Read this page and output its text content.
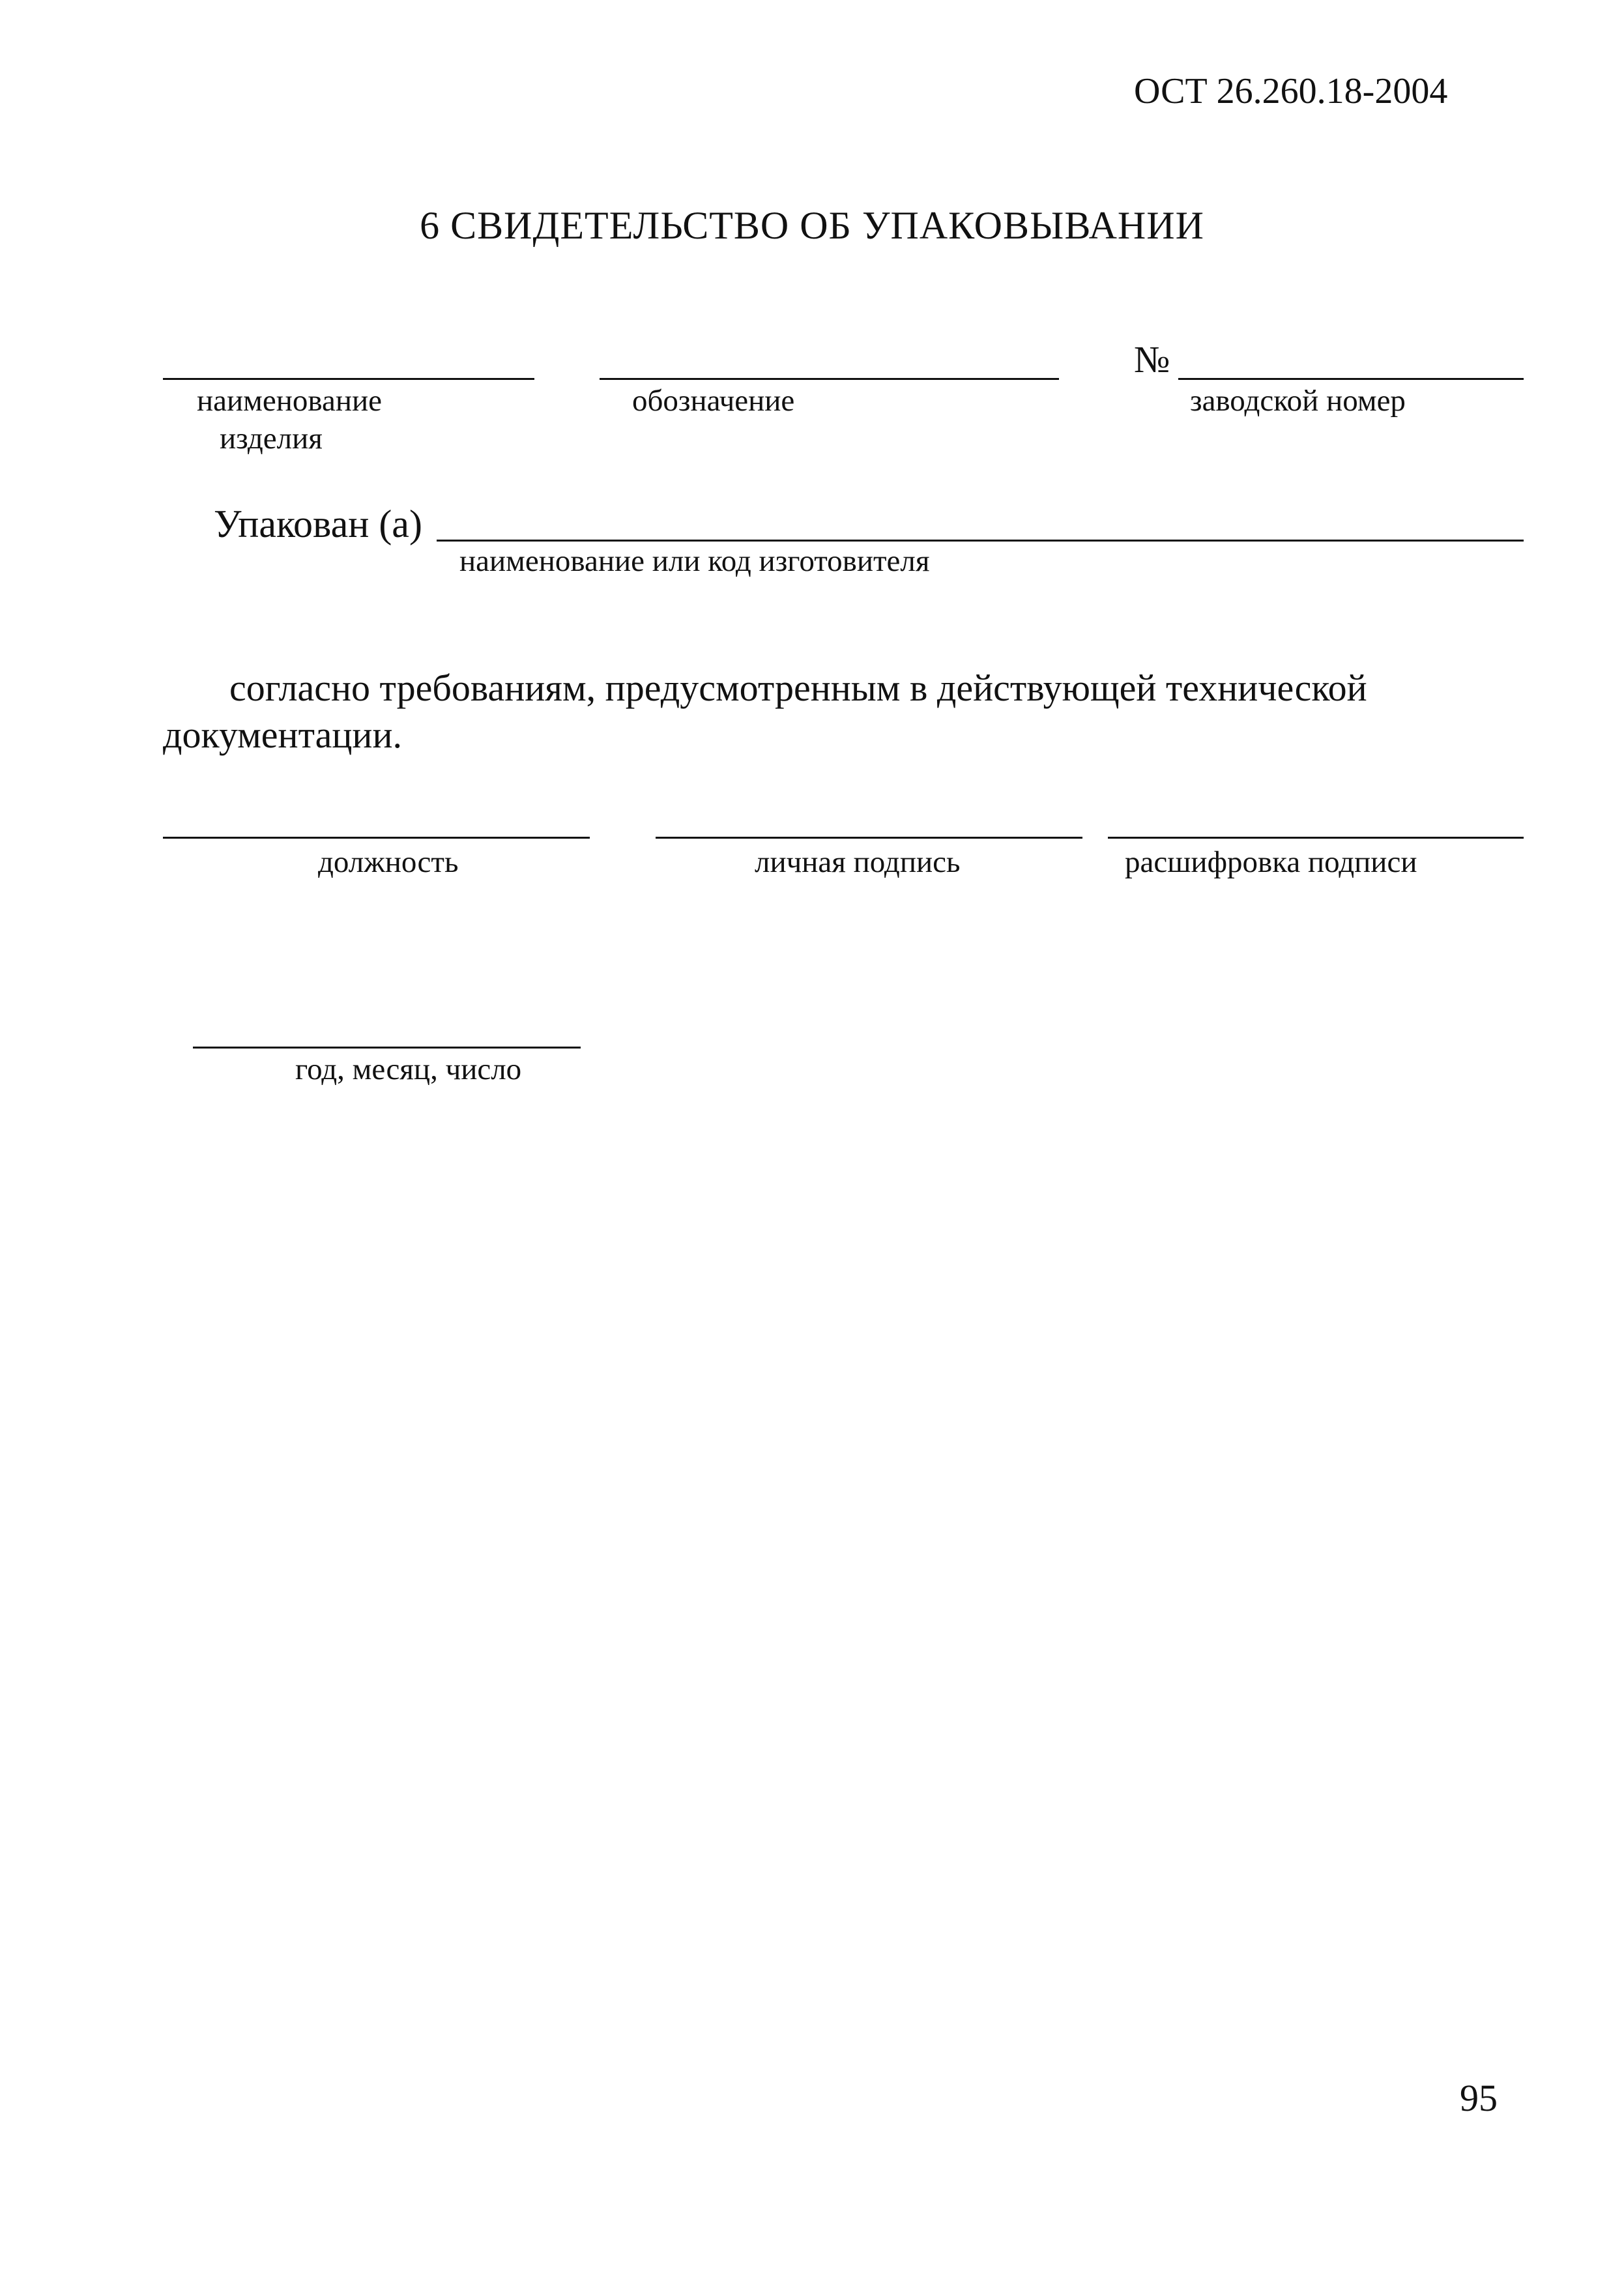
ОСТ 26.260.18-2004
6 СВИДЕТЕЛЬСТВО ОБ УПАКОВЫВАНИИ
№
наименование
изделия
обозначение	заводской номер
Упакован (а)
наименование или код изготовителя
согласно требованиям, предусмотренным в действующей технической
документации.
должность	личная подпись	расшифровка подписи
год, месяц, число
95
